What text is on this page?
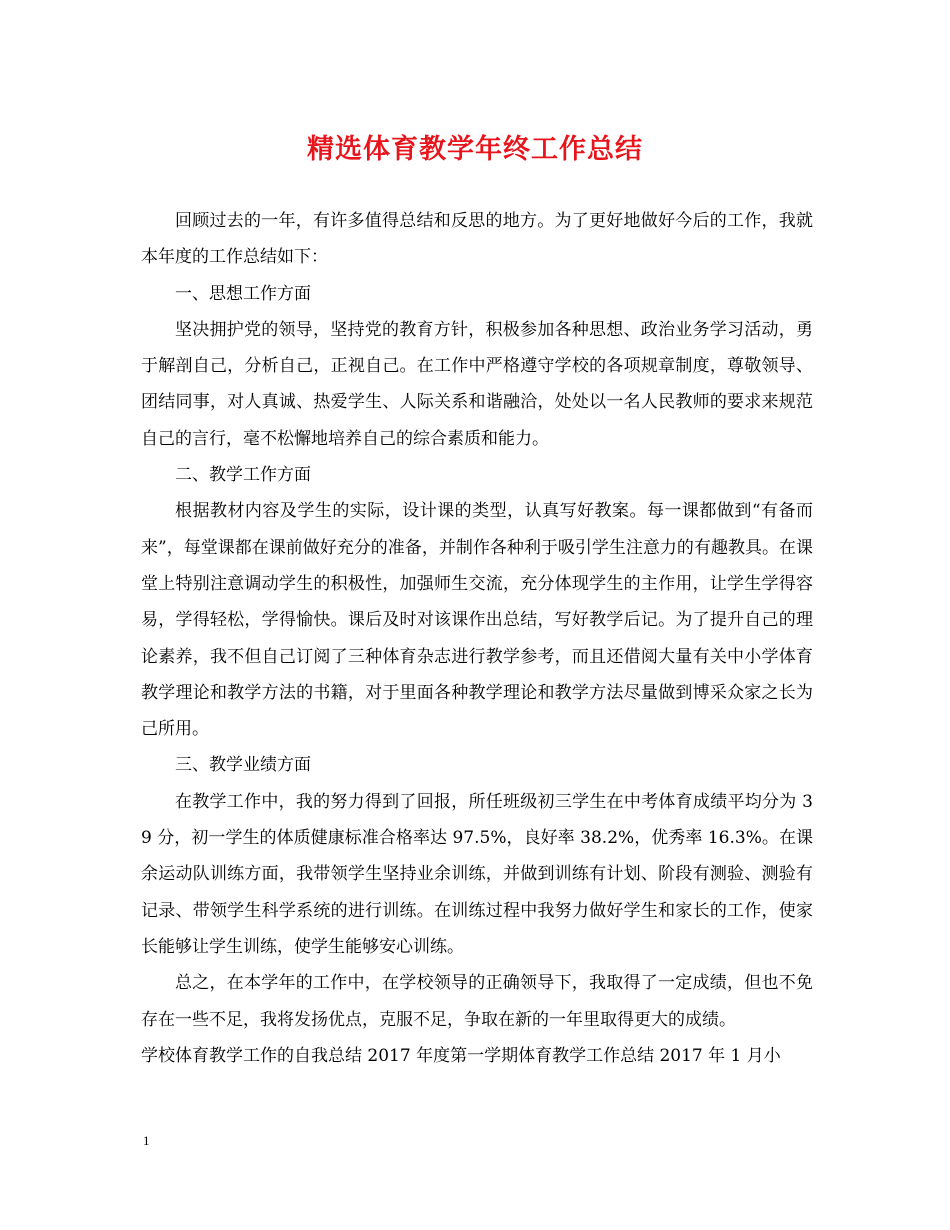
精选体育教学年终工作总结

回顾过去的一年，有许多值得总结和反思的地方。为了更好地做好今后的工作，我就本年度的工作总结如下：

一、思想工作方面

坚决拥护党的领导，坚持党的教育方针，积极参加各种思想、政治业务学习活动，勇于解剖自己，分析自己，正视自己。在工作中严格遵守学校的各项规章制度，尊敬领导、团结同事，对人真诚、热爱学生、人际关系和谐融洽，处处以一名人民教师的要求来规范自己的言行，毫不松懈地培养自己的综合素质和能力。

二、教学工作方面

根据教材内容及学生的实际，设计课的类型，认真写好教案。每一课都做到“有备而来”，每堂课都在课前做好充分的准备，并制作各种利于吸引学生注意力的有趣教具。在课堂上特别注意调动学生的积极性，加强师生交流，充分体现学生的主作用，让学生学得容易，学得轻松，学得愉快。课后及时对该课作出总结，写好教学后记。为了提升自己的理论素养，我不但自己订阅了三种体育杂志进行教学参考，而且还借阅大量有关中小学体育教学理论和教学方法的书籍，对于里面各种教学理论和教学方法尽量做到博采众家之长为己所用。

三、教学业绩方面

在教学工作中，我的努力得到了回报，所任班级初三学生在中考体育成绩平均分为 39 分，初一学生的体质健康标准合格率达 97.5%，良好率 38.2%，优秀率 16.3%。在课余运动队训练方面，我带领学生坚持业余训练，并做到训练有计划、阶段有测验、测验有记录、带领学生科学系统的进行训练。在训练过程中我努力做好学生和家长的工作，使家长能够让学生训练，使学生能够安心训练。

总之，在本学年的工作中，在学校领导的正确领导下，我取得了一定成绩，但也不免存在一些不足，我将发扬优点，克服不足，争取在新的一年里取得更大的成绩。

学校体育教学工作的自我总结 2017 年度第一学期体育教学工作总结 2017 年 1 月小

1
